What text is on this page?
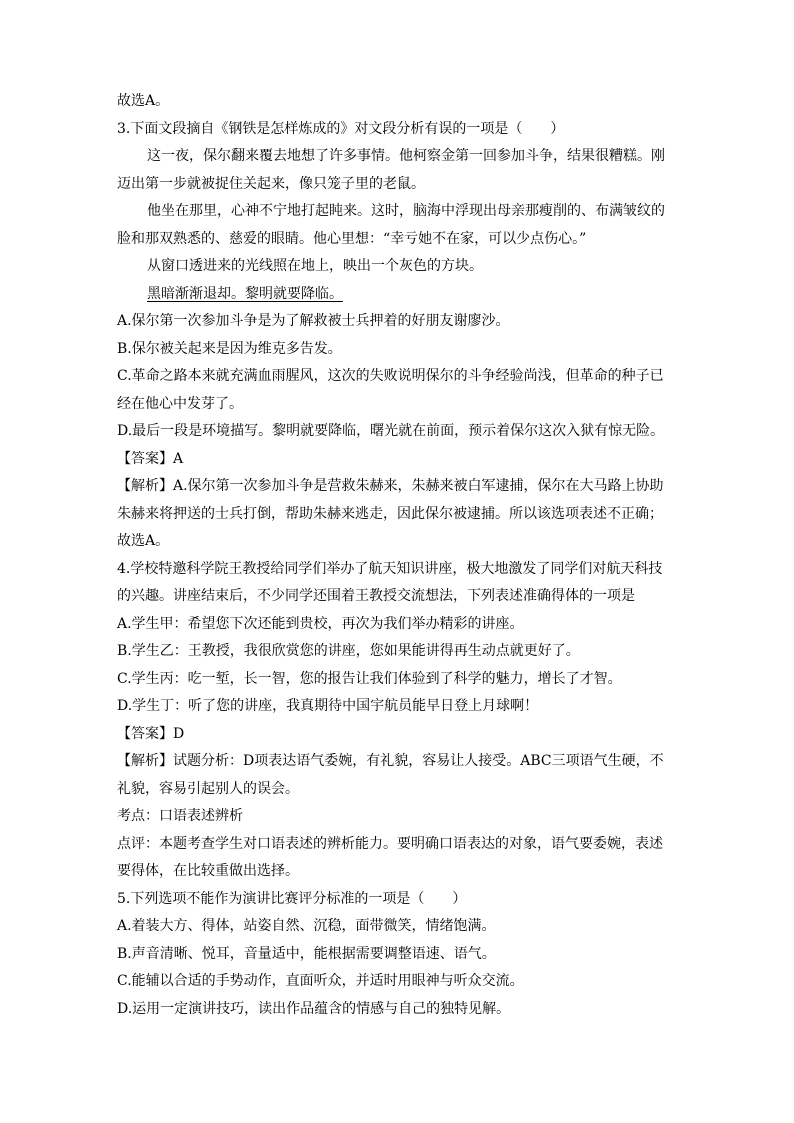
故选A。
3.下面文段摘自《钢铁是怎样炼成的》对文段分析有误的一项是（　　）
这一夜，保尔翻来覆去地想了许多事情。他柯察金第一回参加斗争，结果很糟糕。刚
迈出第一步就被捉住关起来，像只笼子里的老鼠。
他坐在那里，心神不宁地打起盹来。这时，脑海中浮现出母亲那瘦削的、布满皱纹的
脸和那双熟悉的、慈爱的眼睛。他心里想：“幸亏她不在家，可以少点伤心。”
从窗口透进来的光线照在地上，映出一个灰色的方块。
黑暗渐渐退却。黎明就要降临。
A.保尔第一次参加斗争是为了解救被士兵押着的好朋友谢廖沙。
B.保尔被关起来是因为维克多告发。
C.革命之路本来就充满血雨腥风，这次的失败说明保尔的斗争经验尚浅，但革命的种子已
经在他心中发芽了。
D.最后一段是环境描写。黎明就要降临，曙光就在前面，预示着保尔这次入狱有惊无险。
【答案】A
【解析】A.保尔第一次参加斗争是营救朱赫来，朱赫来被白军逮捕，保尔在大马路上协助
朱赫来将押送的士兵打倒，帮助朱赫来逃走，因此保尔被逮捕。所以该选项表述不正确；
故选A。
4.学校特邀科学院王教授给同学们举办了航天知识讲座，极大地激发了同学们对航天科技
的兴趣。讲座结束后，不少同学还围着王教授交流想法，下列表述准确得体的一项是
A.学生甲：希望您下次还能到贵校，再次为我们举办精彩的讲座。
B.学生乙：王教授，我很欣赏您的讲座，您如果能讲得再生动点就更好了。
C.学生丙：吃一堑，长一智，您的报告让我们体验到了科学的魅力，增长了才智。
D.学生丁：听了您的讲座，我真期待中国宇航员能早日登上月球啊！
【答案】D
【解析】试题分析：D项表达语气委婉，有礼貌，容易让人接受。ABC三项语气生硬，不
礼貌，容易引起别人的误会。
考点：口语表述辨析
点评：本题考查学生对口语表述的辨析能力。要明确口语表达的对象，语气要委婉，表述
要得体，在比较重做出选择。
5.下列选项不能作为演讲比赛评分标准的一项是（　　）
A.着装大方、得体，站姿自然、沉稳，面带微笑，情绪饱满。
B.声音清晰、悦耳，音量适中，能根据需要调整语速、语气。
C.能辅以合适的手势动作，直面听众，并适时用眼神与听众交流。
D.运用一定演讲技巧，读出作品蕴含的情感与自己的独特见解。
